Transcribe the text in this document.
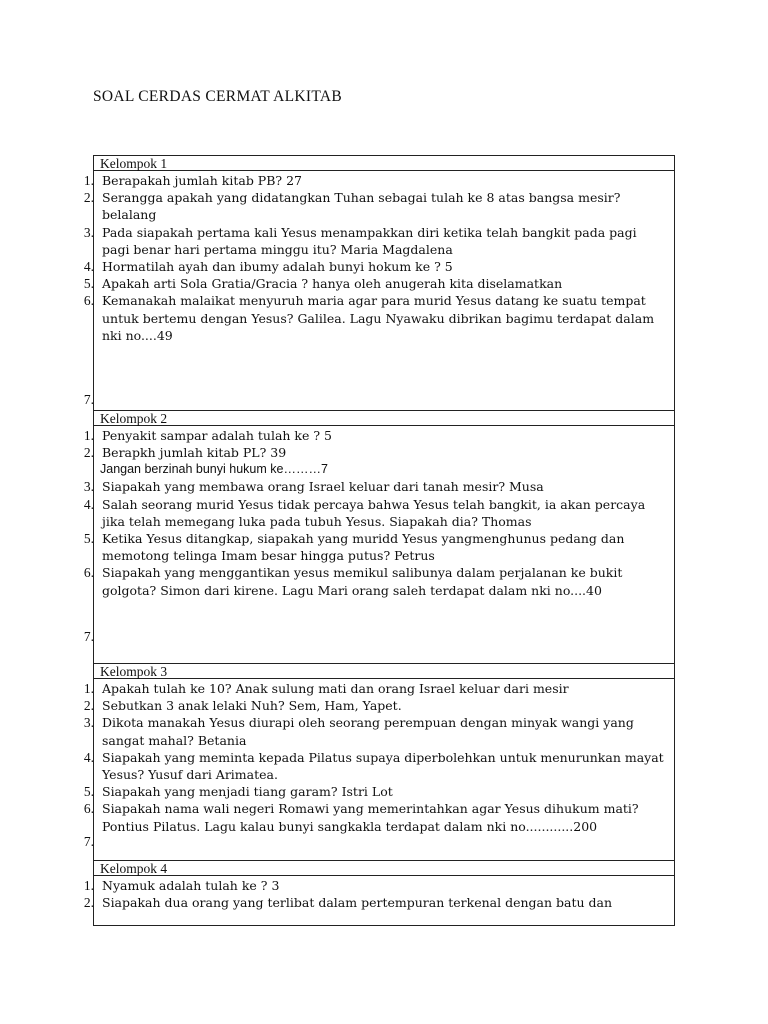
SOAL CERDAS CERMAT ALKITAB
Kelompok 1
1. Berapakah jumlah kitab PB? 27
2. Serangga apakah yang didatangkan Tuhan sebagai tulah ke 8 atas bangsa mesir? belalang
3. Pada siapakah pertama kali Yesus menampakkan diri ketika telah bangkit pada pagi pagi benar hari pertama minggu itu? Maria Magdalena
4. Hormatilah ayah dan ibumy adalah bunyi hokum ke ? 5
5. Apakah arti Sola Gratia/Gracia ? hanya oleh anugerah kita diselamatkan
6. Kemanakah malaikat menyuruh maria agar para murid Yesus datang ke suatu tempat untuk bertemu dengan Yesus? Galilea. Lagu Nyawaku dibrikan bagimu terdapat dalam nki no....49
7.
Kelompok 2
1. Penyakit sampar adalah tulah ke ? 5
2. Berapkh jumlah kitab PL? 39
Jangan berzinah bunyi hukum ke………7
3. Siapakah yang membawa orang Israel keluar dari tanah mesir? Musa
4. Salah seorang murid Yesus tidak percaya bahwa Yesus telah bangkit, ia akan percaya jika telah memegang luka pada tubuh Yesus. Siapakah dia? Thomas
5. Ketika Yesus ditangkap, siapakah yang muridd Yesus yangmenghunus pedang dan memotong telinga Imam besar hingga putus? Petrus
6. Siapakah yang menggantikan yesus memikul salibunya dalam perjalanan ke bukit golgota? Simon dari kirene. Lagu Mari orang saleh terdapat dalam nki no....40
7.
Kelompok 3
1. Apakah tulah ke 10? Anak sulung mati dan orang Israel keluar dari mesir
2. Sebutkan 3 anak lelaki Nuh? Sem, Ham, Yapet.
3. Dikota manakah Yesus diurapi oleh seorang perempuan dengan minyak wangi yang sangat mahal? Betania
4. Siapakah yang meminta kepada Pilatus supaya diperbolehkan untuk menurunkan mayat Yesus? Yusuf dari Arimatea.
5. Siapakah yang menjadi tiang garam? Istri Lot
6. Siapakah nama wali negeri Romawi yang memerintahkan agar Yesus dihukum mati? Pontius Pilatus. Lagu kalau bunyi sangkakla terdapat dalam nki no............200
7.
Kelompok 4
1. Nyamuk adalah tulah ke ? 3
2. Siapakah dua orang yang terlibat dalam pertempuran terkenal dengan batu dan
